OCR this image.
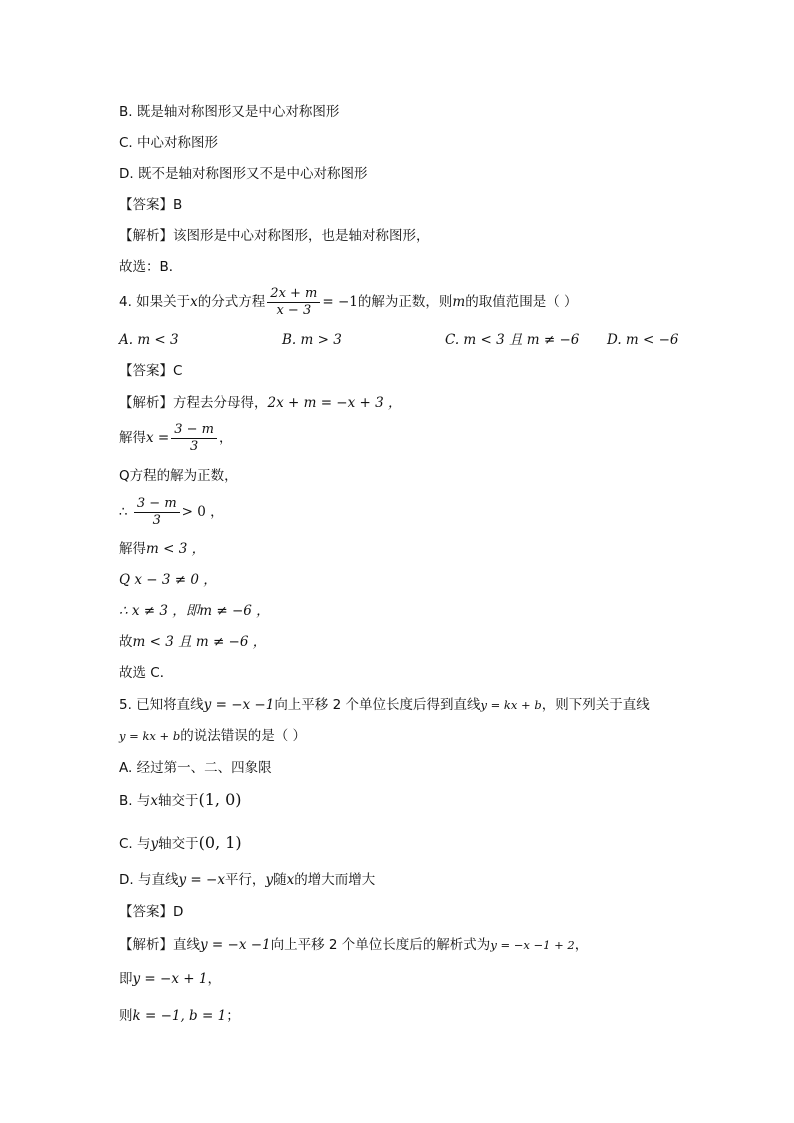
B. 既是轴对称图形又是中心对称图形
C. 中心对称图形
D. 既不是轴对称图形又不是中心对称图形
【答案】B
【解析】该图形是中心对称图形，也是轴对称图形，
故选：B．
4. 如果关于x的分式方程 $\frac{2x + m}{x - 3} = -1$的解为正数，则m的取值范围是（ ）
A. m < 3	B. m > 3	C. m < 3 且 m ≠ −6 D. m < −6
【答案】C
【解析】方程去分母得，2x + m = −x + 3 ，
解得$x = \frac{3 - m}{3}$ ，
Q方程的解为正数，
∴ $\frac{3 - m}{3} > 0$ ，
解得m < 3 ，
Q x − 3 ≠ 0 ，
∴ x ≠ 3 ，即m ≠ −6 ，
故m < 3 且 m ≠ −6 ，
故选 C．
5. 已知将直线y = −x −1向上平移 2 个单位长度后得到直线y = kx + b，则下列关于直线
y = kx + b的说法错误的是（ ）
A. 经过第一、二、四象限
B. 与x轴交于(1, 0)
C. 与y轴交于(0, 1)
D. 与直线y = −x平行，y随x的增大而增大
【答案】D
【解析】直线y = −x −1向上平移 2 个单位长度后的解析式为y = −x −1 + 2，
即y = −x + 1，
则k = −1, b = 1；
